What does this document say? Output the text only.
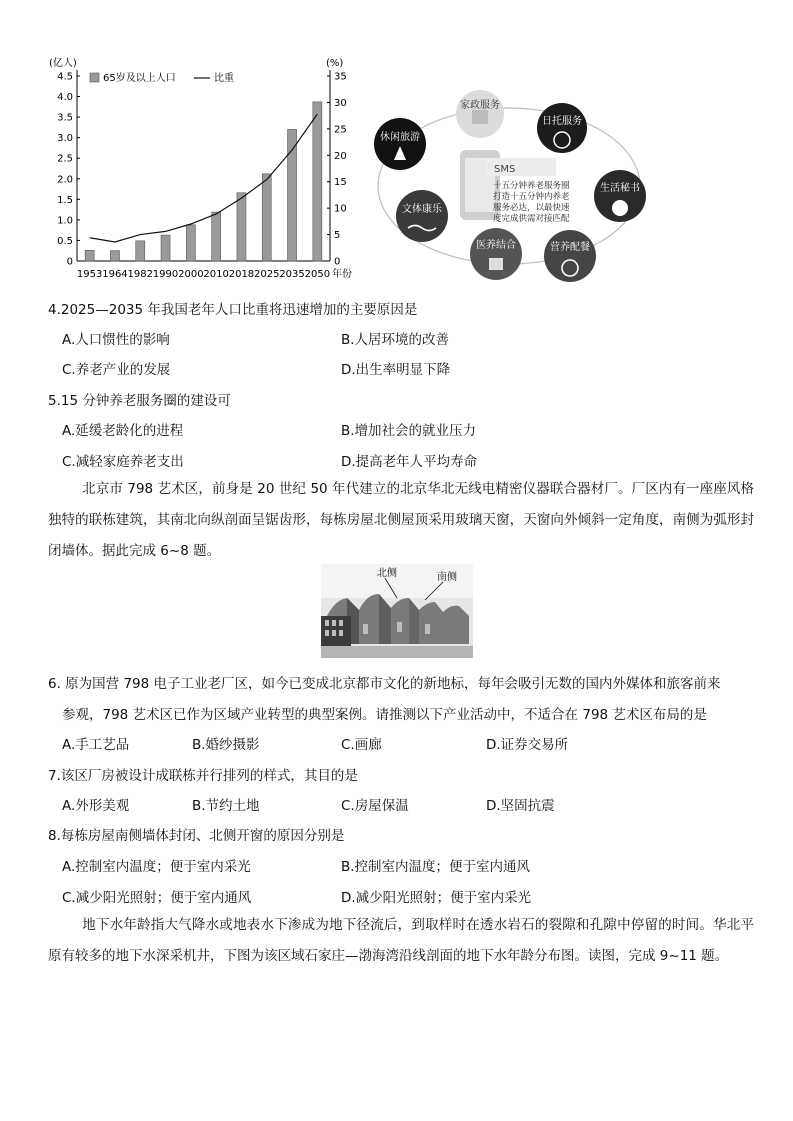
0
0.5
1.0
1.5
2.0
2.5
3.0
3.5
4.0
4.5
0
5
10
15
20
25
30
35
(亿人)	(%)
年份
1953 1964 1982 1990 2000 2010 2018 2025 2035 2050
65岁及以上人口	比重
SMS
十五分钟养老服务圈
打造十五分钟内养老
服务必达，以最快速
度完成供需对接匹配
家政服务
日托服务
生活秘书
营养配餐
医养结合
文体康乐
休闲旅游
4.2025—2035 年我国老年人口比重将迅速增加的主要原因是
A.人口惯性的影响	B.人居环境的改善
C.养老产业的发展	D.出生率明显下降
5.15 分钟养老服务圈的建设可
A.延缓老龄化的进程	B.增加社会的就业压力
C.减轻家庭养老支出	D.提高老年人平均寿命
北京市 798 艺术区，前身是 20 世纪 50 年代建立的北京华北无线电精密仪器联合器材厂。厂区内有一座座风格独特的联栋建筑，其南北向纵剖面呈锯齿形，每栋房屋北侧屋顶采用玻璃天窗，天窗向外倾斜一定角度，南侧为弧形封闭墙体。据此完成 6~8 题。
北侧	南侧
6. 原为国营 798 电子工业老厂区，如今已变成北京都市文化的新地标，每年会吸引无数的国内外媒体和旅客前来
参观，798 艺术区已作为区域产业转型的典型案例。请推测以下产业活动中，不适合在 798 艺术区布局的是
A.手工艺品	B.婚纱摄影	C.画廊	D.证券交易所
7.该区厂房被设计成联栋并行排列的样式，其目的是
A.外形美观	B.节约土地	C.房屋保温	D.坚固抗震
8.每栋房屋南侧墙体封闭、北侧开窗的原因分别是
A.控制室内温度；便于室内采光	B.控制室内温度；便于室内通风
C.减少阳光照射；便于室内通风	D.减少阳光照射；便于室内采光
地下水年龄指大气降水或地表水下渗成为地下径流后，到取样时在透水岩石的裂隙和孔隙中停留的时间。华北平原有较多的地下水深采机井，下图为该区域石家庄—渤海湾沿线剖面的地下水年龄分布图。读图，完成 9~11 题。
